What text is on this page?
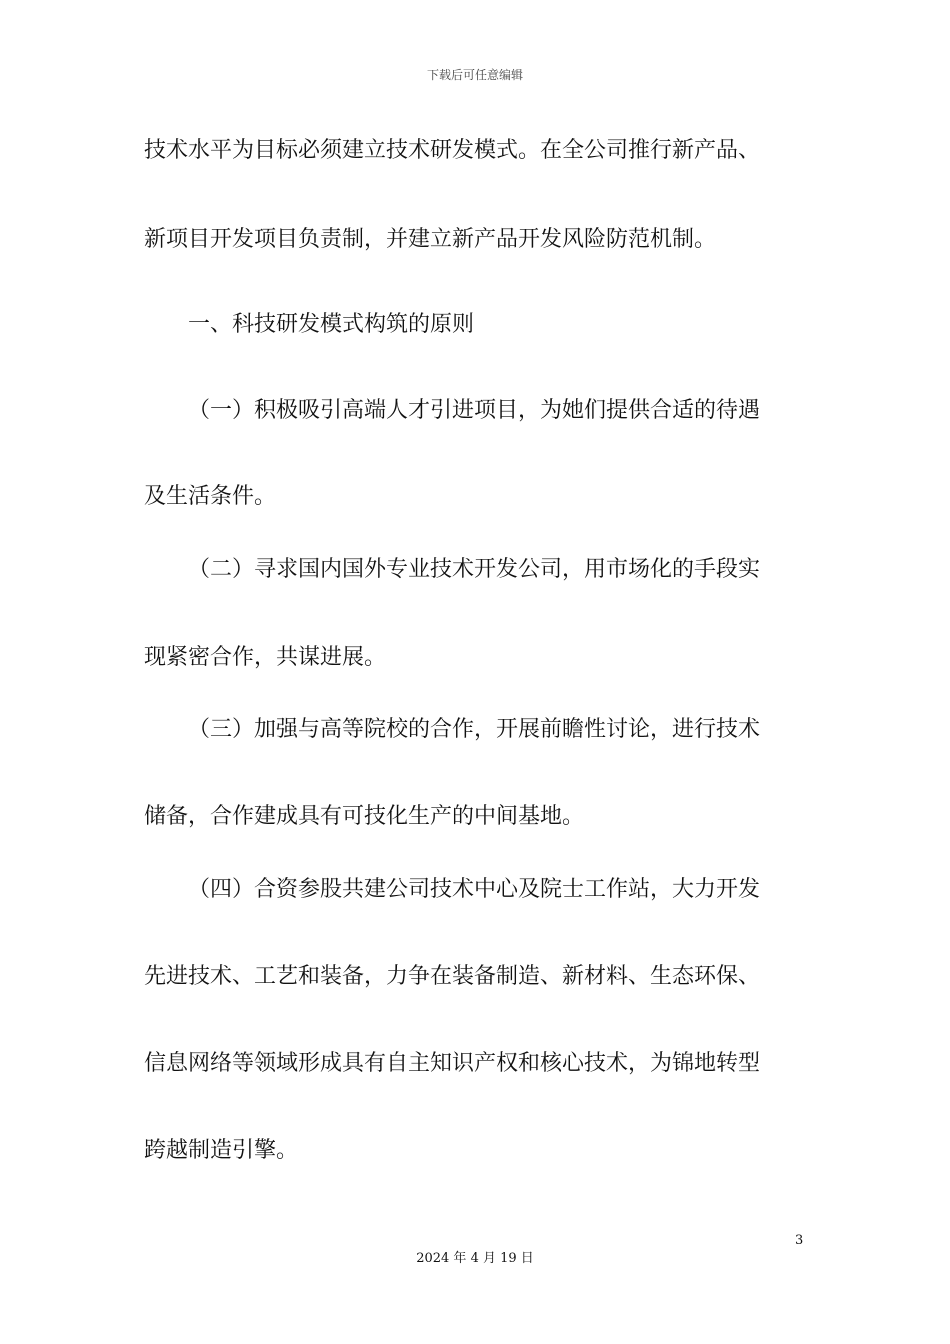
下载后可任意编辑
技术水平为目标必须建立技术研发模式。在全公司推行新产品、
新项目开发项目负责制，并建立新产品开发风险防范机制。
一、科技研发模式构筑的原则
（一）积极吸引高端人才引进项目，为她们提供合适的待遇
及生活条件。
（二）寻求国内国外专业技术开发公司，用市场化的手段实
现紧密合作，共谋进展。
（三）加强与高等院校的合作，开展前瞻性讨论，进行技术
储备，合作建成具有可技化生产的中间基地。
（四）合资参股共建公司技术中心及院士工作站，大力开发
先进技术、工艺和装备，力争在装备制造、新材料、生态环保、
信息网络等领域形成具有自主知识产权和核心技术，为锦地转型
跨越制造引擎。
3
2024 年 4 月 19 日
